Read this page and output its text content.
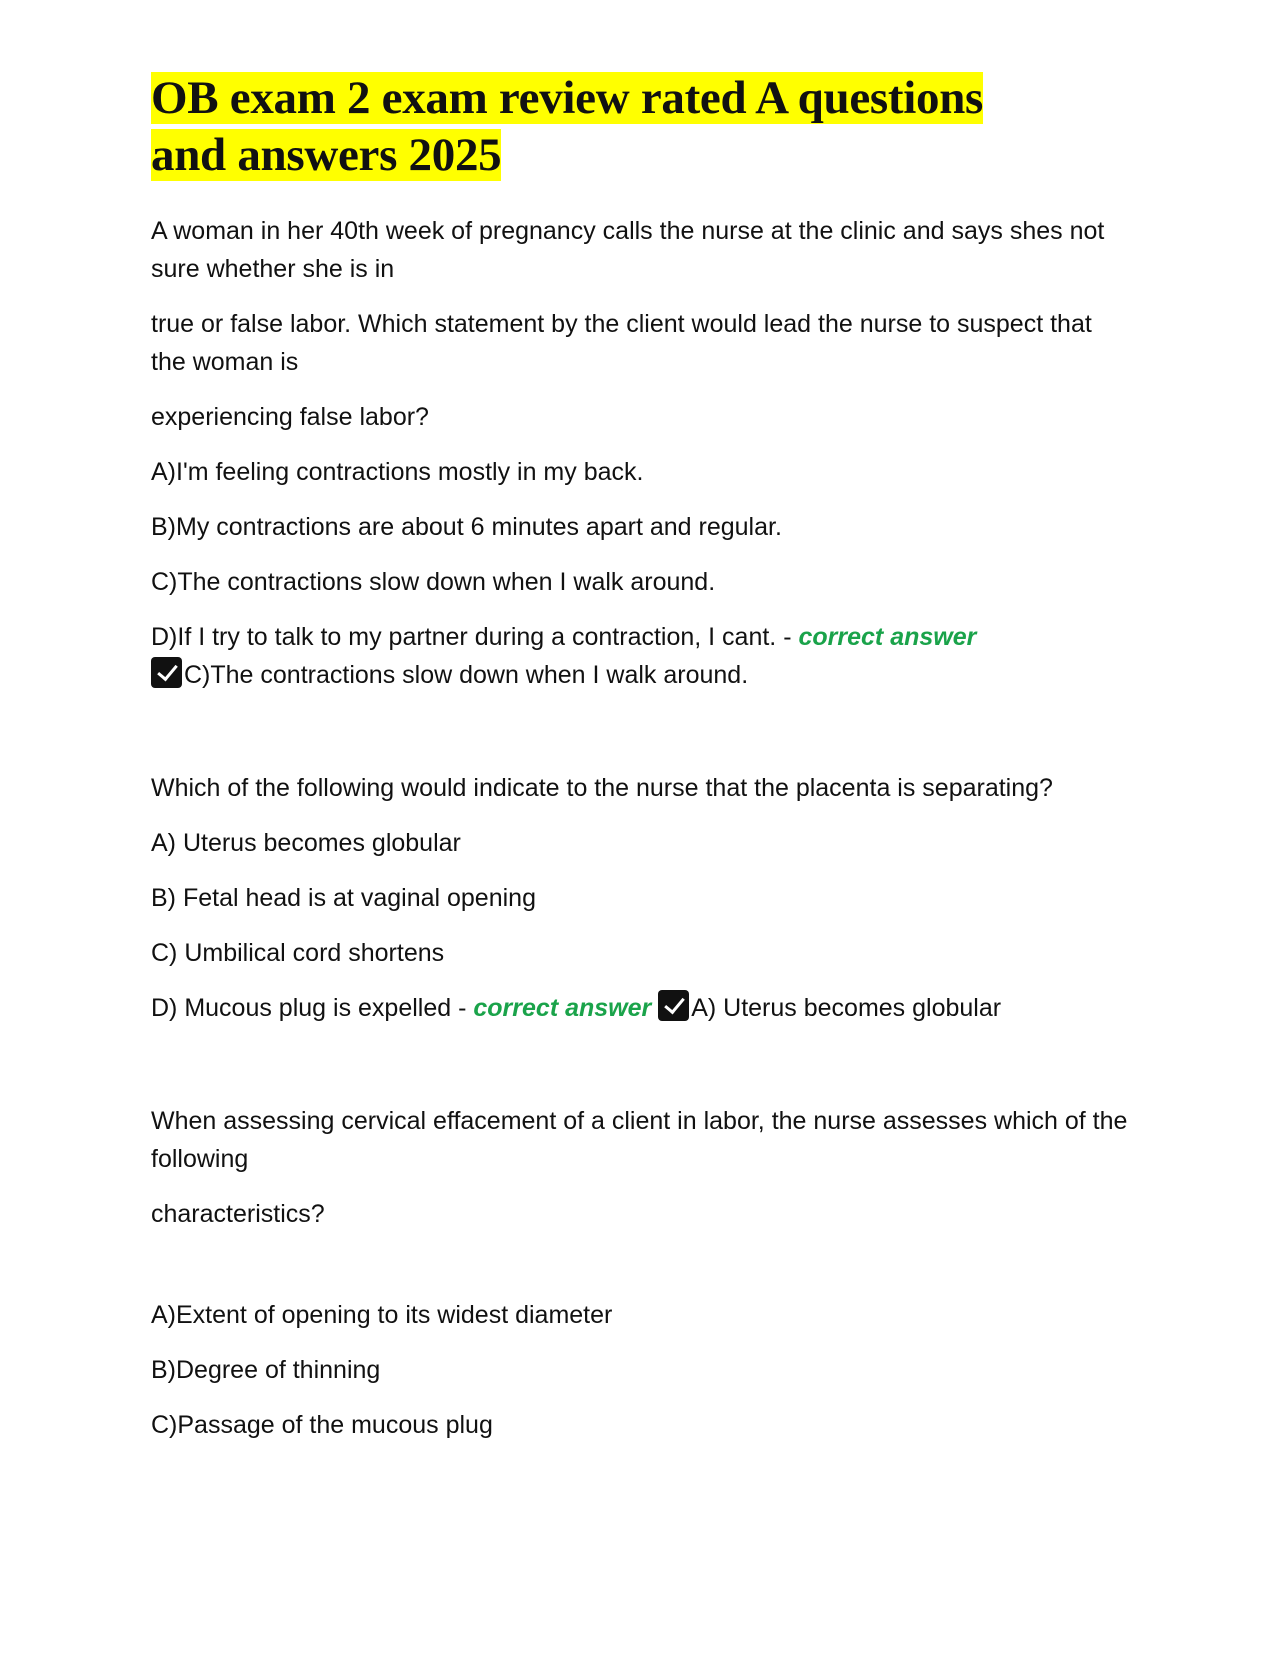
OB exam 2 exam review rated A questions
and answers 2025

A woman in her 40th week of pregnancy calls the nurse at the clinic and says shes not sure whether she is in

true or false labor. Which statement by the client would lead the nurse to suspect that the woman is

experiencing false labor?

A)I'm feeling contractions mostly in my back.

B)My contractions are about 6 minutes apart and regular.

C)The contractions slow down when I walk around.

D)If I try to talk to my partner during a contraction, I cant. - correct answer
C)The contractions slow down when I walk around.

Which of the following would indicate to the nurse that the placenta is separating?

A) Uterus becomes globular

B) Fetal head is at vaginal opening

C) Umbilical cord shortens

D) Mucous plug is expelled - correct answer A) Uterus becomes globular

When assessing cervical effacement of a client in labor, the nurse assesses which of the following

characteristics?

A)Extent of opening to its widest diameter

B)Degree of thinning

C)Passage of the mucous plug
